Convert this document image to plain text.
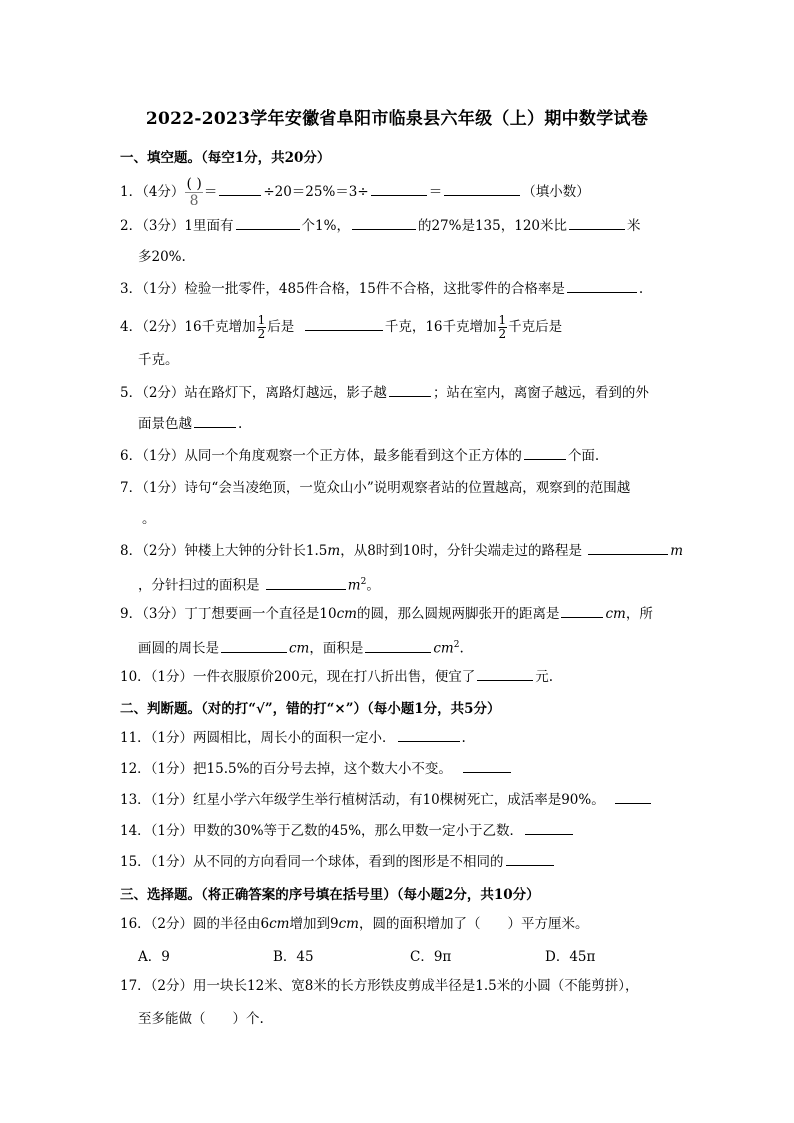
2022-2023学年安徽省阜阳市临泉县六年级（上）期中数学试卷
一、填空题。（每空1分，共20分）
1．（4分） $\frac{( )}{8}$ ＝	÷20＝25%＝3÷	＝	（填小数）
2．（3分）1里面有	个1%，	的27%是135，120米比	米
多20%.
3．（1分）检验一批零件，485件合格，15件不合格，这批零件的合格率是	.
4．（2分）16千克增加 $\frac{1}{2}$ 后是	千克，16千克增加 $\frac{1}{2}$ 千克后是
千克。
5．（2分）站在路灯下，离路灯越远，影子越	；站在室内，离窗子越远，看到的外
面景色越	.
6．（1分）从同一个角度观察一个正方体，最多能看到这个正方体的	个面.
7．（1分）诗句“会当凌绝顶，一览众山小”说明观察者站的位置越高，观察到的范围越
。
8．（2分）钟楼上大钟的分针长1.5m，从8时到10时，分针尖端走过的路程是	m
，分针扫过的面积是	$m^2$。
9．（3分）丁丁想要画一个直径是10cm的圆，那么圆规两脚张开的距离是	cm，所
画圆的周长是	cm，面积是	$cm^2$.
10．（1分）一件衣服原价200元，现在打八折出售，便宜了	元.
二、判断题。（对的打“√”，错的打“×”）（每小题1分，共5分）
11．（1分）两圆相比，周长小的面积一定小．	.
12．（1分）把15.5%的百分号去掉，这个数大小不变。
13．（1分）红星小学六年级学生举行植树活动，有10棵树死亡，成活率是90%。
14．（1分）甲数的30%等于乙数的45%，那么甲数一定小于乙数．
15．（1分）从不同的方向看同一个球体，看到的图形是不相同的
三、选择题。（将正确答案的序号填在括号里）（每小题2分，共10分）
16．（2分）圆的半径由6cm增加到9cm，圆的面积增加了（　　）平方厘米。
A．9	B．45	C．9π	D．45π
17．（2分）用一块长12米、宽8米的长方形铁皮剪成半径是1.5米的小圆（不能剪拼），
至多能做（　　）个.
